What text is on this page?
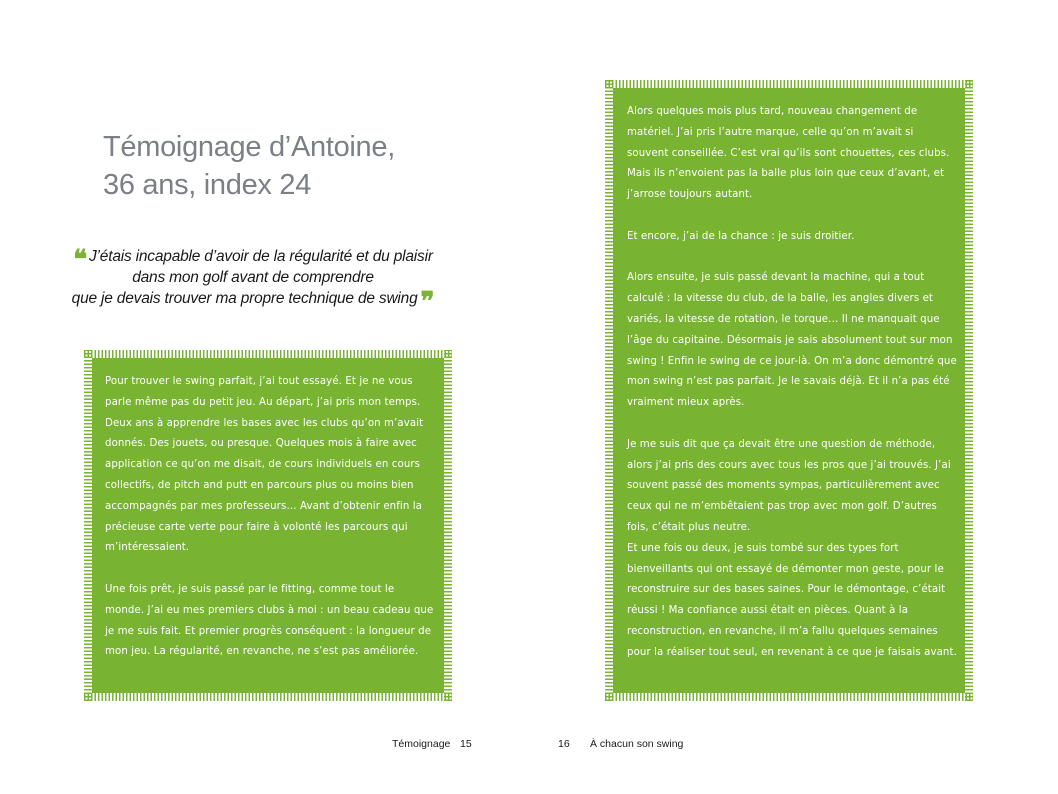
Témoignage d’Antoine,
36 ans, index 24
❝ J’étais incapable d’avoir de la régularité et du plaisir
dans mon golf avant de comprendre
que je devais trouver ma propre technique de swing ❞

Pour trouver le swing parfait, j’ai tout essayé. Et je ne vous parle même pas du petit jeu. Au départ, j’ai pris mon temps. Deux ans à apprendre les bases avec les clubs qu’on m’avait donnés. Des jouets, ou presque. Quelques mois à faire avec application ce qu’on me disait, de cours individuels en cours collectifs, de pitch and putt en parcours plus ou moins bien accompagnés par mes professeurs… Avant d’obtenir enfin la précieuse carte verte pour faire à volonté les parcours qui m’intéressaient.

Une fois prêt, je suis passé par le fitting, comme tout le monde. J’ai eu mes premiers clubs à moi : un beau cadeau que je me suis fait. Et premier progrès conséquent : la longueur de mon jeu. La régularité, en revanche, ne s’est pas améliorée.

Alors quelques mois plus tard, nouveau changement de matériel. J’ai pris l’autre marque, celle qu’on m’avait si souvent conseillée. C’est vrai qu’ils sont chouettes, ces clubs. Mais ils n’envoient pas la balle plus loin que ceux d’avant, et j’arrose toujours autant.

Et encore, j’ai de la chance : je suis droitier.

Alors ensuite, je suis passé devant la machine, qui a tout calculé : la vitesse du club, de la balle, les angles divers et variés, la vitesse de rotation, le torque… Il ne manquait que l’âge du capitaine. Désormais je sais absolument tout sur mon swing ! Enfin le swing de ce jour-là. On m’a donc démontré que mon swing n’est pas parfait. Je le savais déjà. Et il n’a pas été vraiment mieux après.

Je me suis dit que ça devait être une question de méthode, alors j’ai pris des cours avec tous les pros que j’ai trouvés. J’ai souvent passé des moments sympas, particulièrement avec ceux qui ne m’embêtaient pas trop avec mon golf. D’autres fois, c’était plus neutre.

Et une fois ou deux, je suis tombé sur des types fort bienveillants qui ont essayé de démonter mon geste, pour le reconstruire sur des bases saines. Pour le démontage, c’était réussi ! Ma confiance aussi était en pièces. Quant à la reconstruction, en revanche, il m’a fallu quelques semaines pour la réaliser tout seul, en revenant à ce que je faisais avant.

Témoignage 15	16 À chacun son swing
